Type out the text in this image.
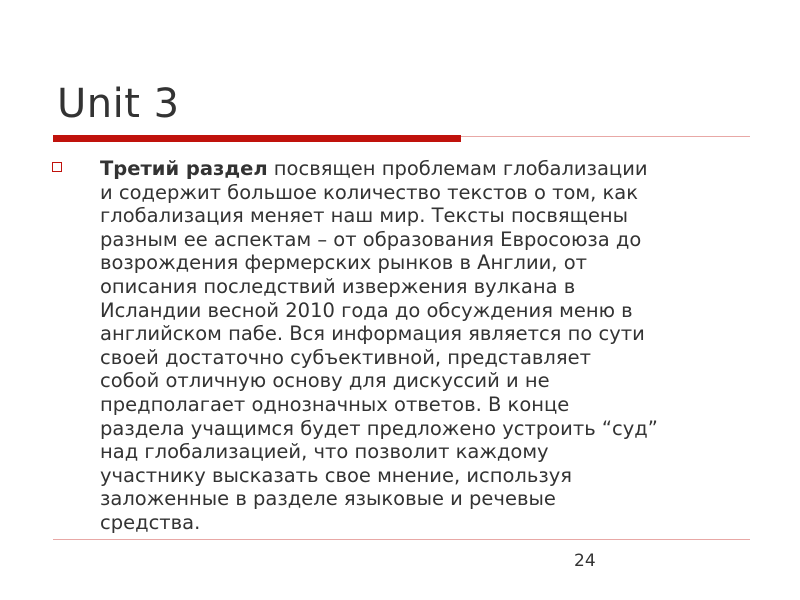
Unit 3
Третий раздел посвящен проблемам глобализации
и содержит большое количество текстов о том, как
глобализация меняет наш мир. Тексты посвящены
разным ее аспектам – от образования Евросоюза до
возрождения фермерских рынков в Англии, от
описания последствий извержения вулкана в
Исландии весной 2010 года до обсуждения меню в
английском пабе. Вся информация является по сути
своей достаточно субъективной, представляет
собой отличную основу для дискуссий и не
предполагает однозначных ответов. В конце
раздела учащимся будет предложено устроить “суд”
над глобализацией, что позволит каждому
участнику высказать свое мнение, используя
заложенные в разделе языковые и речевые
средства.
24
